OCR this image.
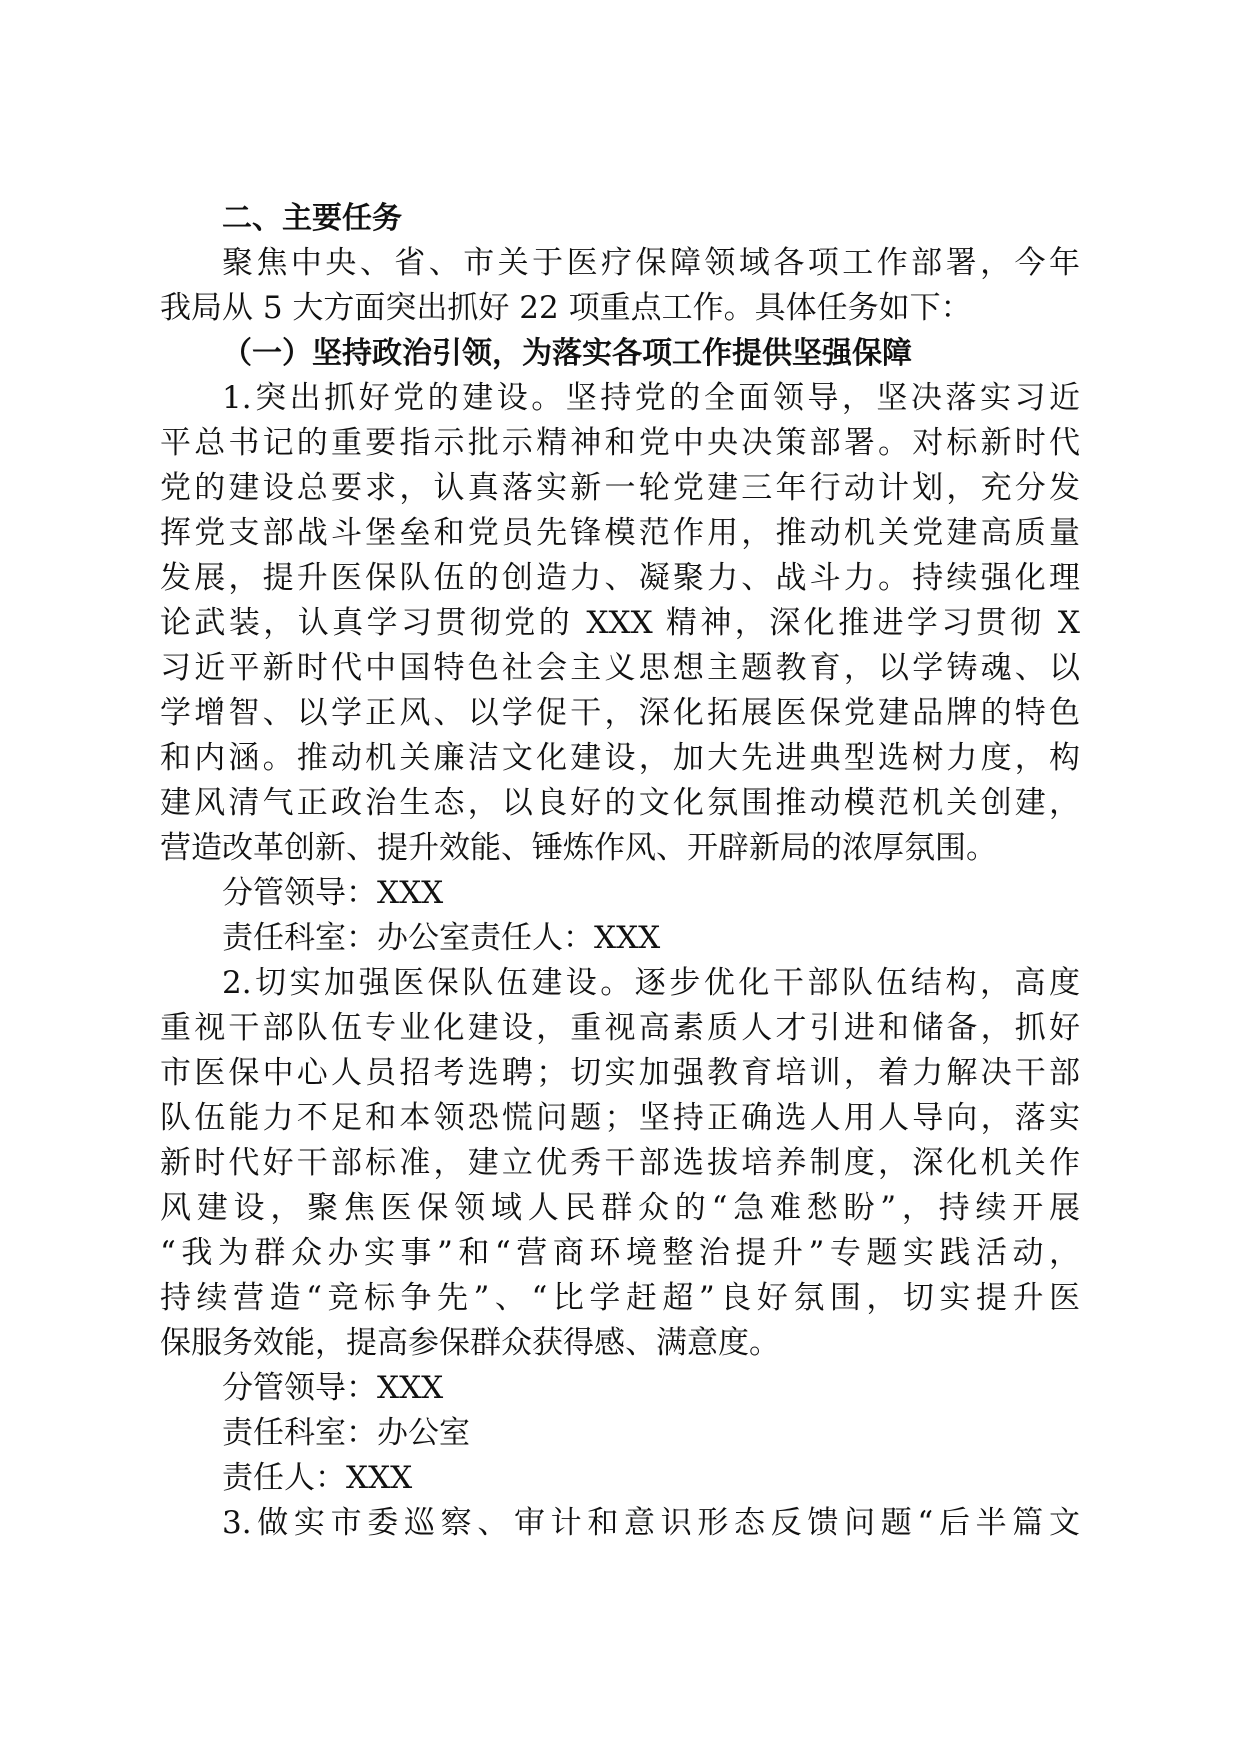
二、主要任务
聚焦中央、省、市关于医疗保障领域各项工作部署，今年
我局从 5 大方面突出抓好 22 项重点工作。具体任务如下：
（一）坚持政治引领，为落实各项工作提供坚强保障
1.突出抓好党的建设。坚持党的全面领导，坚决落实习近
平总书记的重要指示批示精神和党中央决策部署。对标新时代
党的建设总要求，认真落实新一轮党建三年行动计划，充分发
挥党支部战斗堡垒和党员先锋模范作用，推动机关党建高质量
发展，提升医保队伍的创造力、凝聚力、战斗力。持续强化理
论武装，认真学习贯彻党的 XXX 精神，深化推进学习贯彻 X
习近平新时代中国特色社会主义思想主题教育，以学铸魂、以
学增智、以学正风、以学促干，深化拓展医保党建品牌的特色
和内涵。推动机关廉洁文化建设，加大先进典型选树力度，构
建风清气正政治生态，以良好的文化氛围推动模范机关创建，
营造改革创新、提升效能、锤炼作风、开辟新局的浓厚氛围。
分管领导：XXX
责任科室：办公室责任人：XXX
2.切实加强医保队伍建设。逐步优化干部队伍结构，高度
重视干部队伍专业化建设，重视高素质人才引进和储备，抓好
市医保中心人员招考选聘；切实加强教育培训，着力解决干部
队伍能力不足和本领恐慌问题；坚持正确选人用人导向，落实
新时代好干部标准，建立优秀干部选拔培养制度，深化机关作
风建设，聚焦医保领域人民群众的“急难愁盼”，持续开展
“我为群众办实事”和“营商环境整治提升”专题实践活动，
持续营造“竞标争先”、“比学赶超”良好氛围，切实提升医
保服务效能，提高参保群众获得感、满意度。
分管领导：XXX
责任科室：办公室
责任人：XXX
3.做实市委巡察、审计和意识形态反馈问题“后半篇文
